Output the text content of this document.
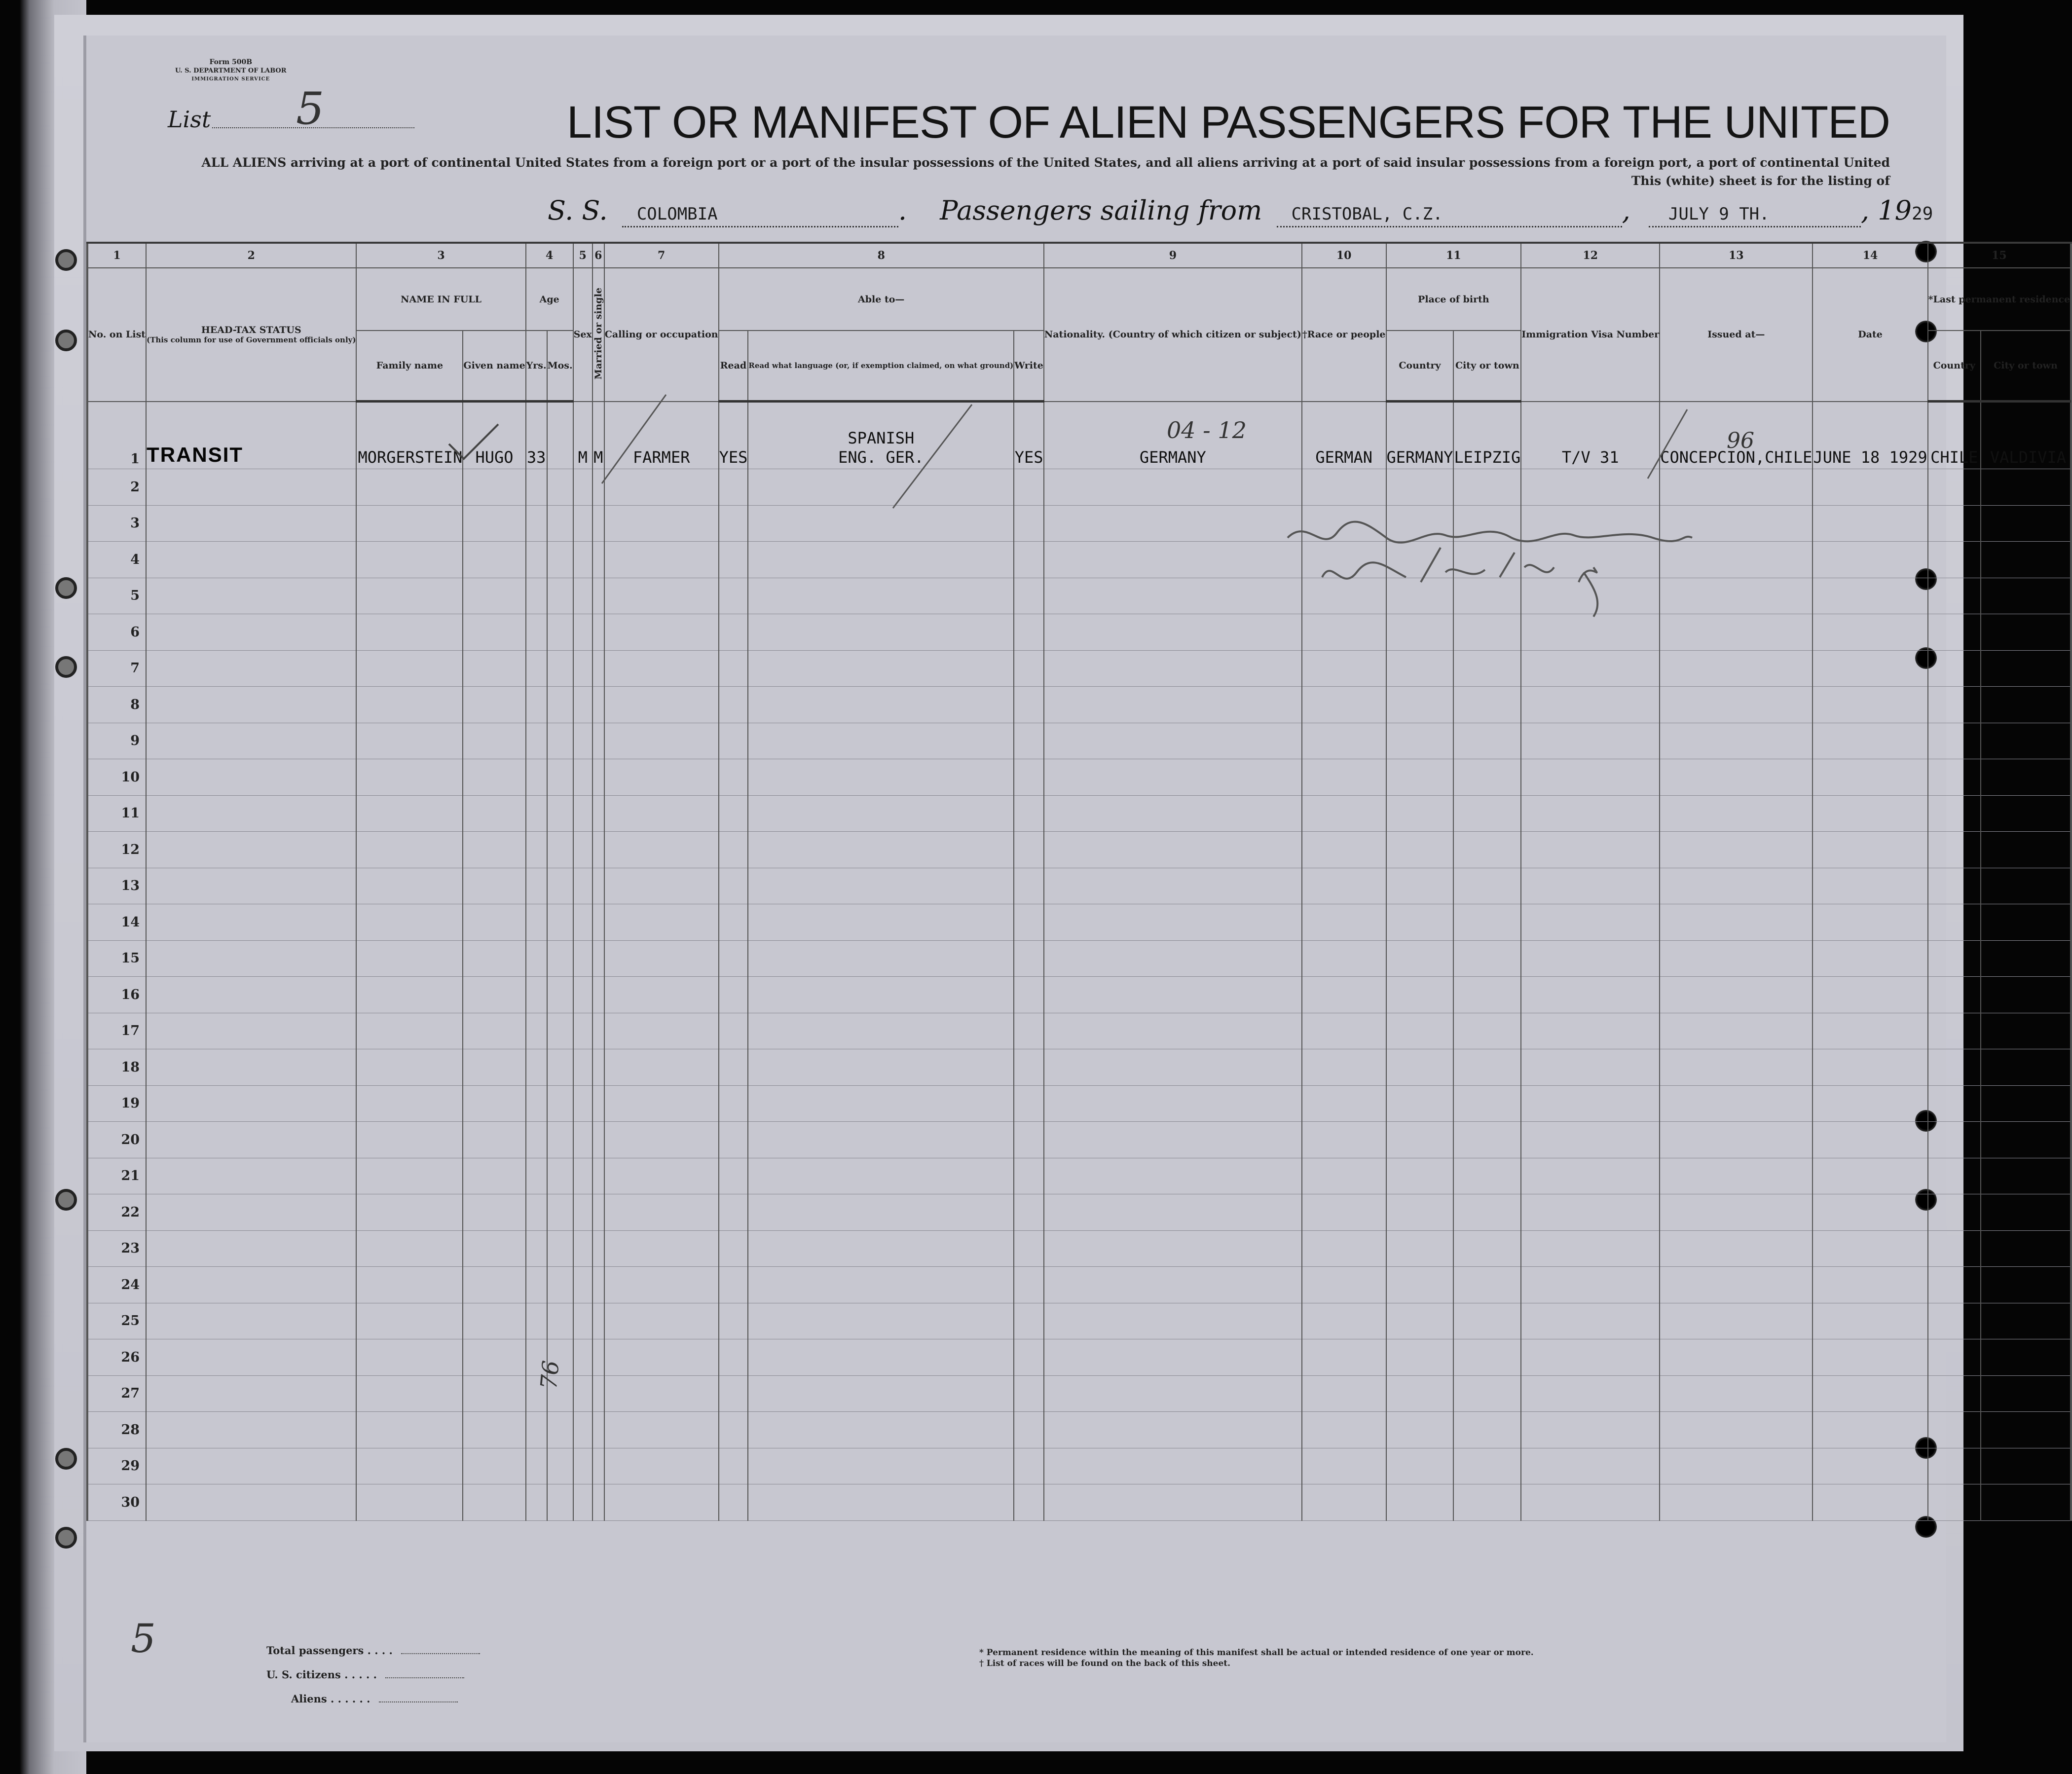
Form 500B
U. S. DEPARTMENT OF LABOR
IMMIGRATION SERVICE
List 5	LIST OR MANIFEST OF ALIEN PASSENGERS FOR THE UNITED
ALL ALIENS arriving at a port of continental United States from a foreign port or a port of the insular possessions of the United States, and all aliens arriving at a port of said insular possessions from a foreign port, a port of continental United
This (white) sheet is for the listing of
S. S. COLOMBIA	. Passengers sailing from CRISTOBAL, C.Z.	, JULY 9 TH.	, 1929
	1	2	3		4		5	6	7	8			9	10	11		12	13	14	15		
	No. on List	HEAD-TAX STATUS
(This column for use of Government officials only)	NAME IN FULL		Age		Sex	Married or single	Calling or occupation	Able to—			Nationality. (Country of which citizen or subject)	†Race or people	Place of birth		Immigration Visa Number	Issued at—	Date	*Last permanent residence		
			Family name	Given name	Yrs.	Mos.				Read	Read what language (or, if exemption claimed, on what ground)	Write			Country	City or town				Country	City or town	
	1	TRANSIT	MORGERSTEIN	HUGO	33		M	M	FARMER	YES	SPANISH
ENG. GER.	YES	GERMANY	GERMAN	GERMANY	LEIPZIG	T/V 31	CONCEPCION,CHILE	JUNE 18 1929	CHILE	VALDIVIA	
	2																					
	3																					
	4																					
	5																					
	6																					
	7																					
	8																					
	9																					
	10																					
	11																					
	12																					
	13																					
	14																					
	15																					
	16																					
	17																					
	18																					
	19																					
	20																					
	21																					
	22																					
	23																					
	24																					
	25																					
	26																					
	27																					
	28																					
	29																					
	30																					
04 - 12	96
76
5	Total passengers . . . .
U. S. citizens . . . . .
Aliens . . . . . .
* Permanent residence within the meaning of this manifest shall be actual or intended residence of one year or more.
† List of races will be found on the back of this sheet.
